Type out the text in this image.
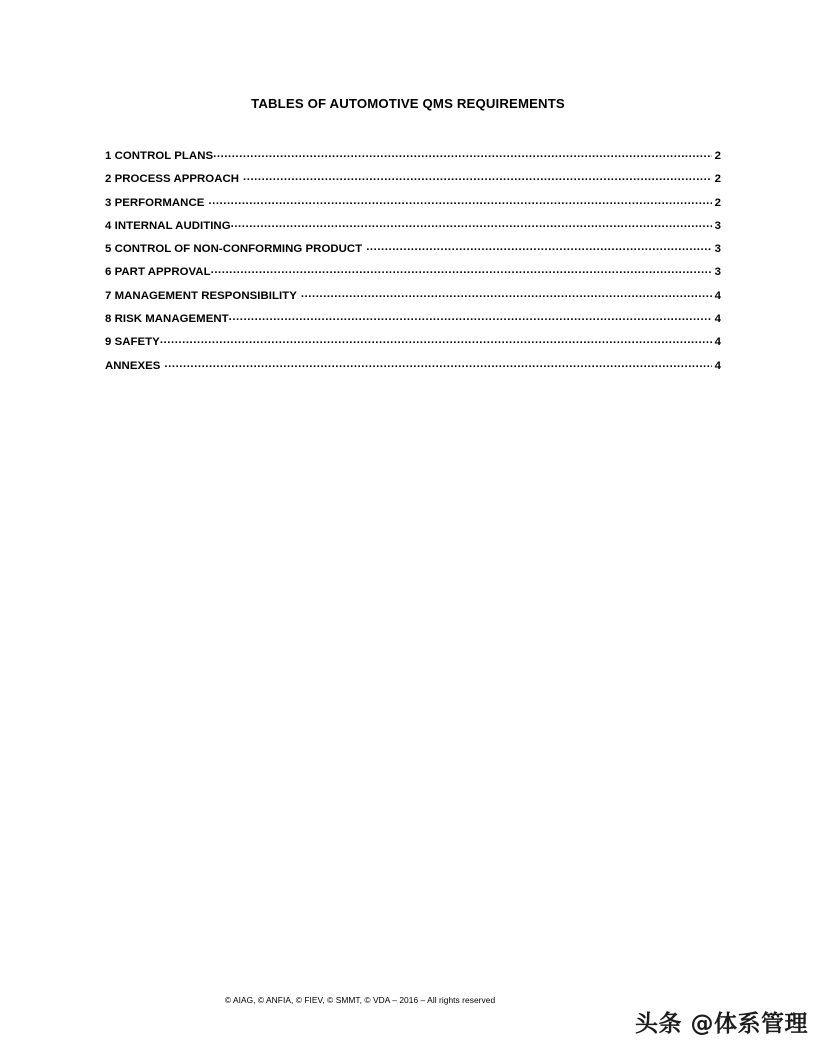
TABLES OF AUTOMOTIVE QMS REQUIREMENTS
1 CONTROL PLANS .....	2
2 PROCESS APPROACH .....	2
3 PERFORMANCE .....	2
4 INTERNAL AUDITING .....	3
5 CONTROL OF NON-CONFORMING PRODUCT .....	3
6 PART APPROVAL .....	3
7 MANAGEMENT RESPONSIBILITY .....	4
8 RISK MANAGEMENT .....	4
9 SAFETY .....	4
ANNEXES .....	4
© AIAG, © ANFIA, © FIEV, © SMMT, © VDA – 2016 – All rights reserved
头条 @体系管理
